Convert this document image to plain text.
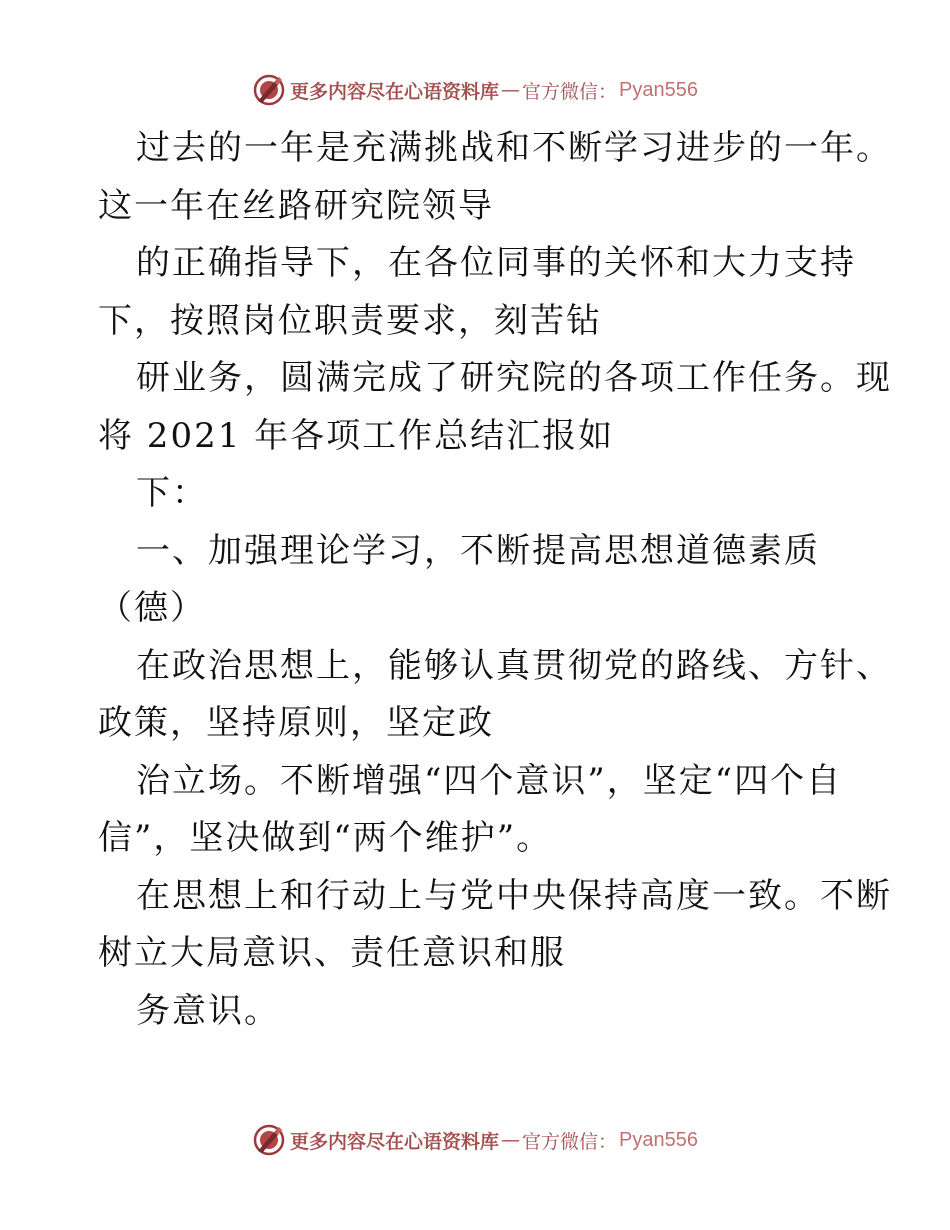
更多内容尽在心语资料库 — 官方微信： Pyan556
过去的一年是充满挑战和不断学习进步的一年。
这一年在丝路研究院领导
的正确指导下，在各位同事的关怀和大力支持
下，按照岗位职责要求，刻苦钻
研业务，圆满完成了研究院的各项工作任务。现
将 2021 年各项工作总结汇报如
下：
一、加强理论学习，不断提高思想道德素质
（德）
在政治思想上，能够认真贯彻党的路线、方针、
政策，坚持原则，坚定政
治立场。不断增强“四个意识”，坚定“四个自
信”，坚决做到“两个维护”。
在思想上和行动上与党中央保持高度一致。不断
树立大局意识、责任意识和服
务意识。
更多内容尽在心语资料库 — 官方微信： Pyan556
